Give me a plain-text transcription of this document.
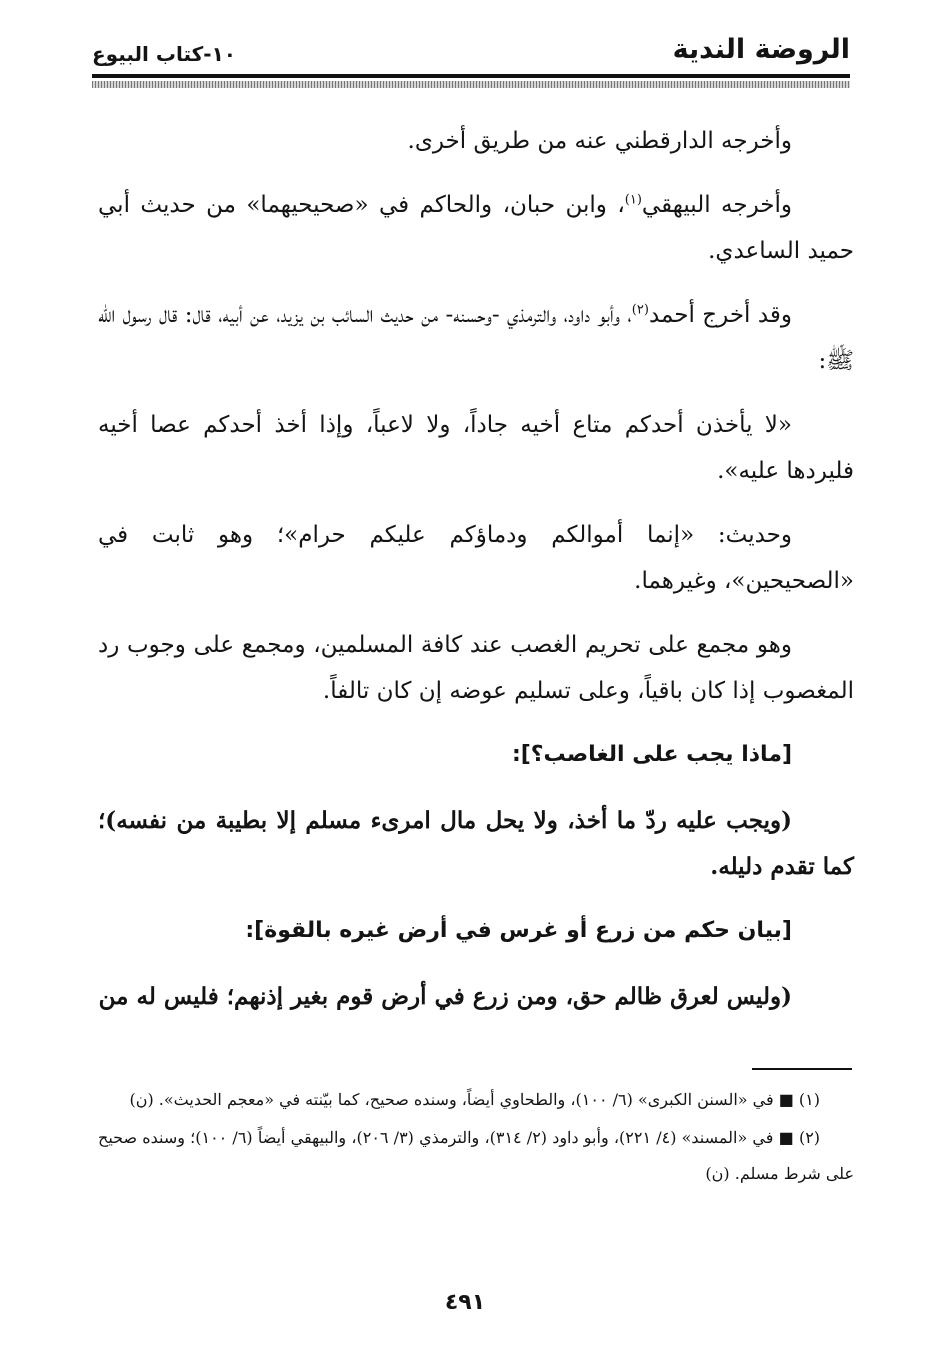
الروضة الندية
١٠-كتاب البيوع

وأخرجه الدارقطني عنه من طريق أخرى.

وأخرجه البيهقي$^{(١)}$، وابن حبان، والحاكم في «صحيحيهما» من حديث أبي حميد الساعدي.

وقد أخرج أحمد$^{(٢)}$، وأبو داود، والترمذي -وحسنه- من حديث السائب بن يزيد، عن أبيه، قال: قال رسول الله ﷺ:

«لا يأخذن أحدكم متاع أخيه جاداً، ولا لاعباً، وإذا أخذ أحدكم عصا أخيه فليردها عليه».

وحديث: «إنما أموالكم ودماؤكم عليكم حرام»؛ وهو ثابت في «الصحيحين»، وغيرهما.

وهو مجمع على تحريم الغصب عند كافة المسلمين، ومجمع على وجوب رد المغصوب إذا كان باقياً، وعلى تسليم عوضه إن كان تالفاً.

[ماذا يجب على الغاصب؟]:

(ويجب عليه ردّ ما أخذ، ولا يحل مال امرىء مسلم إلا بطيبة من نفسه)؛ كما تقدم دليله.

[بيان حكم من زرع أو غرس في أرض غيره بالقوة]:

(وليس لعرق ظالم حق، ومن زرع في أرض قوم بغير إذنهم؛ فليس له من

(١) ■ في «السنن الكبرى» (٦/ ١٠٠)، والطحاوي أيضاً، وسنده صحيح، كما بيّنته في «معجم الحديث». (ن)

(٢) ■ في «المسند» (٤/ ٢٢١)، وأبو داود (٢/ ٣١٤)، والترمذي (٣/ ٢٠٦)، والبيهقي أيضاً (٦/ ١٠٠)؛ وسنده صحيح على شرط مسلم. (ن)

٤٩١
